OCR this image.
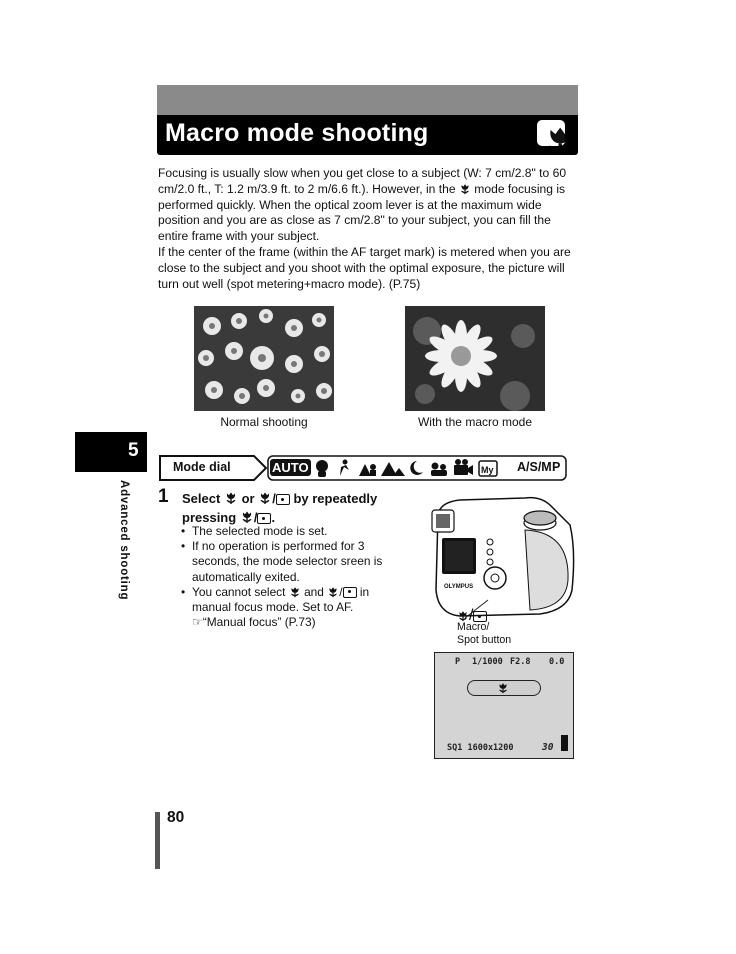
Macro mode shooting

Focusing is usually slow when you get close to a subject (W: 7 cm/2.8" to 60 cm/2.0 ft., T: 1.2 m/3.9 ft. to 2 m/6.6 ft.). However, in the mode focusing is performed quickly. When the optical zoom lever is at the maximum wide position and you are as close as 7 cm/2.8" to your subject, you can fill the entire frame with your subject.

If the center of the frame (within the AF target mark) is metered when you are close to the subject and you shoot with the optimal exposure, the picture will turn out well (spot metering+macro mode). (P.75)

Normal shooting	With the macro mode
5
Advanced shooting
Mode dial	AUTO	My A/S/M P
1 Select or / by repeatedly
pressing / .
• The selected mode is set.
• If no operation is performed for 3 seconds, the mode selector sreen is automatically exited.
• You cannot select and / in manual focus mode. Set to AF.
☞“Manual focus” (P.73)
OLYMPUS
/
Macro/
Spot button
P 1/1000 F2.8 0.0
SQ1 1600x1200	30
80
